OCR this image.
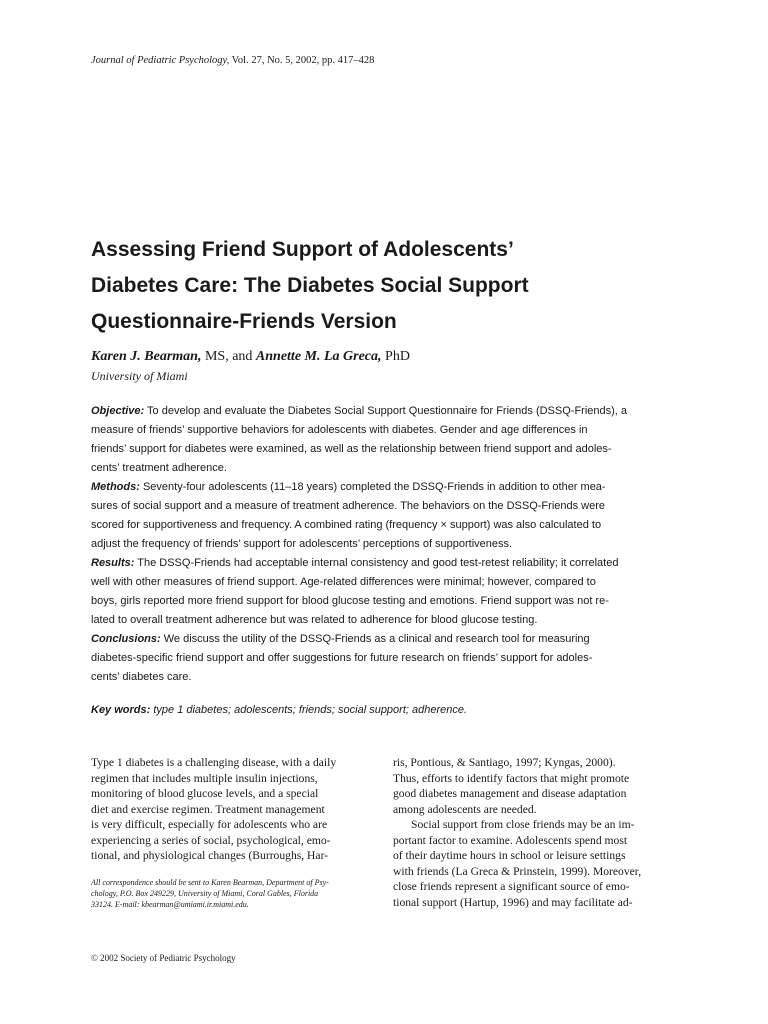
Journal of Pediatric Psychology, Vol. 27, No. 5, 2002, pp. 417–428
Assessing Friend Support of Adolescents’
Diabetes Care: The Diabetes Social Support
Questionnaire-Friends Version
Karen J. Bearman, MS, and Annette M. La Greca, PhD
University of Miami
Objective: To develop and evaluate the Diabetes Social Support Questionnaire for Friends (DSSQ-Friends), a
measure of friends’ supportive behaviors for adolescents with diabetes. Gender and age differences in
friends’ support for diabetes were examined, as well as the relationship between friend support and adoles-
cents’ treatment adherence.
Methods: Seventy-four adolescents (11–18 years) completed the DSSQ-Friends in addition to other mea-
sures of social support and a measure of treatment adherence. The behaviors on the DSSQ-Friends were
scored for supportiveness and frequency. A combined rating (frequency × support) was also calculated to
adjust the frequency of friends’ support for adolescents’ perceptions of supportiveness.
Results: The DSSQ-Friends had acceptable internal consistency and good test-retest reliability; it correlated
well with other measures of friend support. Age-related differences were minimal; however, compared to
boys, girls reported more friend support for blood glucose testing and emotions. Friend support was not re-
lated to overall treatment adherence but was related to adherence for blood glucose testing.
Conclusions: We discuss the utility of the DSSQ-Friends as a clinical and research tool for measuring
diabetes-specific friend support and offer suggestions for future research on friends’ support for adoles-
cents’ diabetes care.
Key words: type 1 diabetes; adolescents; friends; social support; adherence.
Type 1 diabetes is a challenging disease, with a daily
regimen that includes multiple insulin injections,
monitoring of blood glucose levels, and a special
diet and exercise regimen. Treatment management
is very difficult, especially for adolescents who are
experiencing a series of social, psychological, emo-
tional, and physiological changes (Burroughs, Har-
All correspondence should be sent to Karen Bearman, Department of Psy-
chology, P.O. Box 249229, University of Miami, Coral Gables, Florida
33124. E-mail: kbearman@umiami.ir.miami.edu.
ris, Pontious, & Santiago, 1997; Kyngas, 2000).
Thus, efforts to identify factors that might promote
good diabetes management and disease adaptation
among adolescents are needed.
Social support from close friends may be an im-
portant factor to examine. Adolescents spend most
of their daytime hours in school or leisure settings
with friends (La Greca & Prinstein, 1999). Moreover,
close friends represent a significant source of emo-
tional support (Hartup, 1996) and may facilitate ad-
© 2002 Society of Pediatric Psychology
